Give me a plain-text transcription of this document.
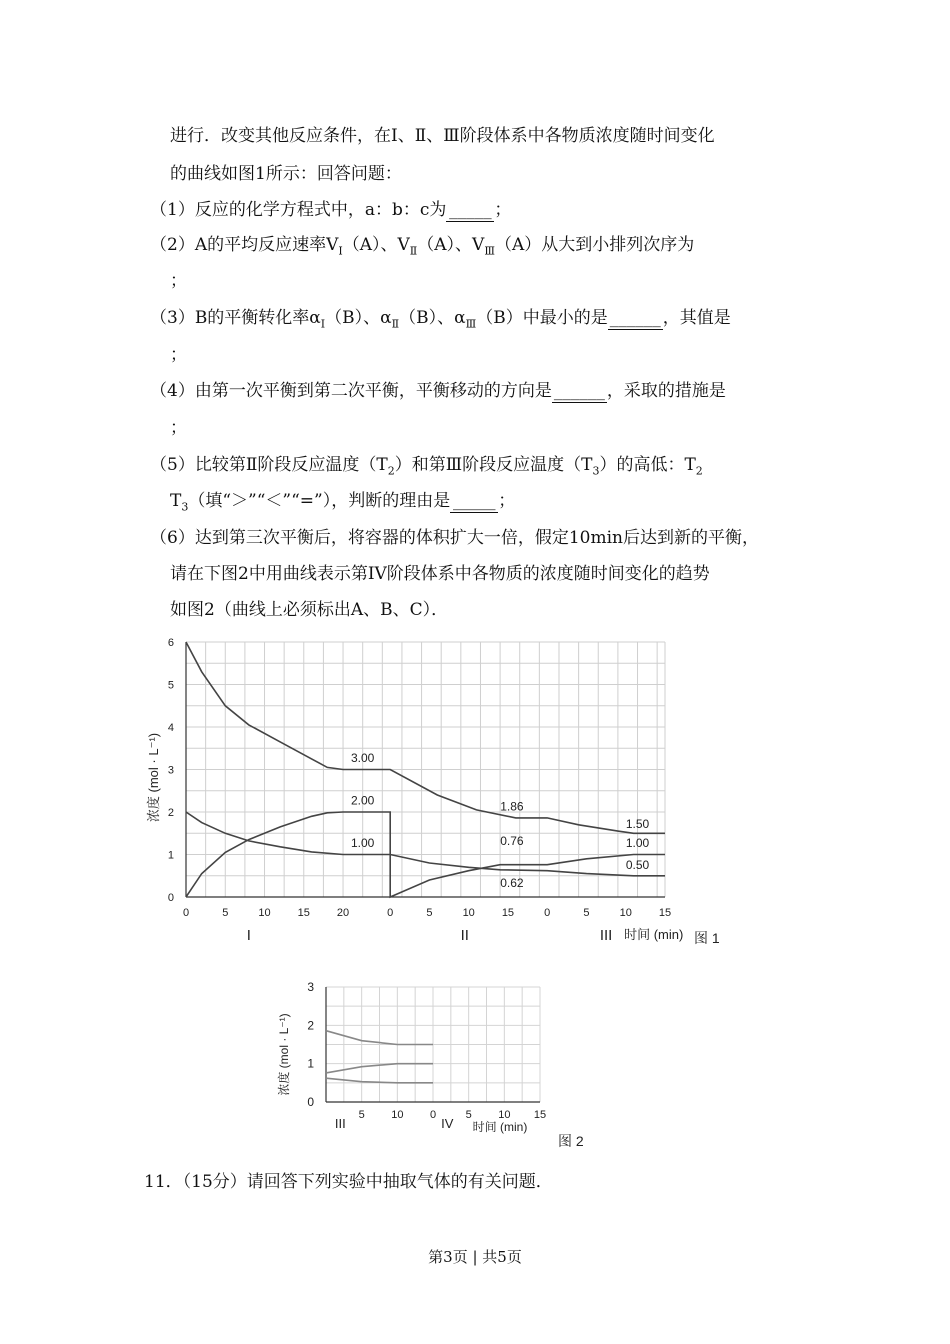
进行．改变其他反应条件，在Ⅰ、Ⅱ、Ⅲ阶段体系中各物质浓度随时间变化
的曲线如图1所示：回答问题：
（1）反应的化学方程式中，a：b：c为 _____ ；
（2）A的平均反应速率$V_Ⅰ(A)$、$V_Ⅱ(A)$、$V_Ⅲ(A)$从大到小排列次序为
；
（3）B的平衡转化率$\alpha_Ⅰ(B)$、$\alpha_Ⅱ(B)$、$\alpha_Ⅲ(B)$中最小的是 ______ ，其值是
；
（4）由第一次平衡到第二次平衡，平衡移动的方向是 ______ ，采取的措施是
；
（5）比较第Ⅱ阶段反应温度$(T_2)$和第Ⅲ阶段反应温度$(T_3)$的高低：$T_2$
$T_3$（填“＞”“＜”“=”），判断的理由是 _____ ；
（6）达到第三次平衡后，将容器的体积扩大一倍，假定10min后达到新的平衡，
请在下图2中用曲线表示第IV阶段体系中各物质的浓度随时间变化的趋势
如图2（曲线上必须标出A、B、C）．
0
1
2
3
4
5
6
0	5	10 15 20	0	5	10 15	0	5	10 15
I	II	III 时间 (min) 图 1
浓度 (mol · L⁻¹)	3.00
2.00
1.00
1.86
0.76
0.62
1.50
1.00
0.50
0
1
2
3
5 10 0	5 10 15
III	IV 时间 (min)
图 2
浓度 (mol · L⁻¹)
11．（15分）请回答下列实验中抽取气体的有关问题．
第3页 | 共5页
